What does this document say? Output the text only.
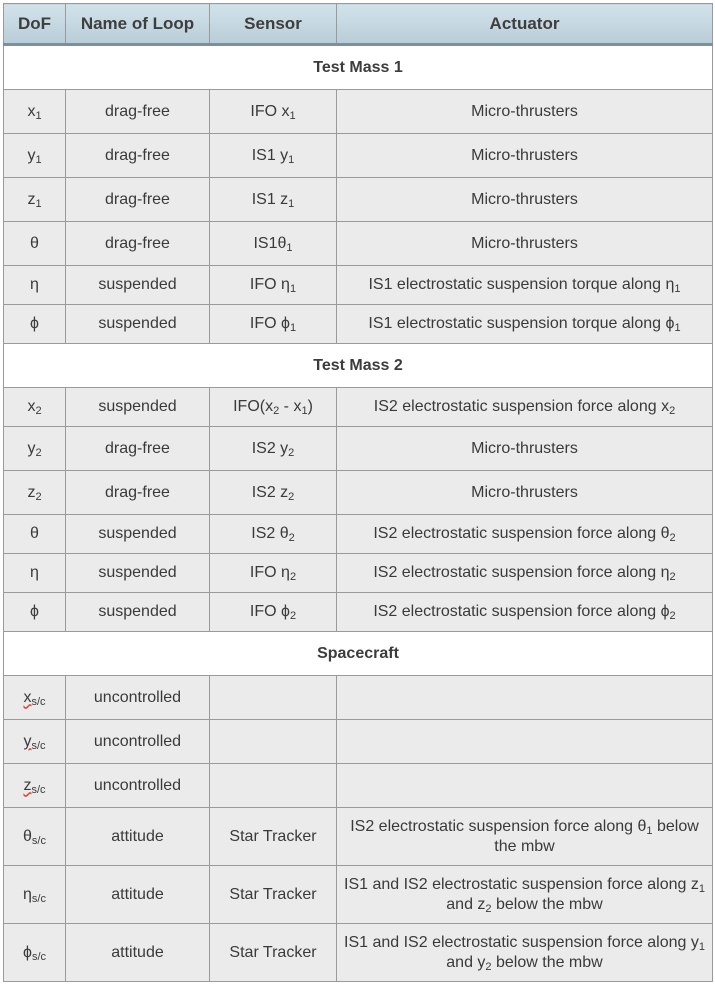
DoF	Name of Loop	Sensor	Actuator
Test Mass 1			
$x_1$	drag-free	IFO $x_1$	Micro-thrusters
$y_1$	drag-free	IS1 $y_1$	Micro-thrusters
$z_1$	drag-free	IS1 $z_1$	Micro-thrusters
θ	drag-free	$IS1\theta_1$	Micro-thrusters
η	suspended	IFO $\eta_1$	IS1 electrostatic suspension torque along $\eta_1$
ϕ	suspended	IFO $\phi_1$	IS1 electrostatic suspension torque along $\phi_1$
Test Mass 2			
$x_2$	suspended	$IFO(x_2 - x_1)$	IS2 electrostatic suspension force along $x_2$
$y_2$	drag-free	IS2 $y_2$	Micro-thrusters
$z_2$	drag-free	IS2 $z_2$	Micro-thrusters
θ	suspended	IS2 $\theta_2$	IS2 electrostatic suspension force along $\theta_2$
η	suspended	IFO $\eta_2$	IS2 electrostatic suspension force along $\eta_2$
ϕ	suspended	IFO $\phi_2$	IS2 electrostatic suspension force along $\phi_2$
Spacecraft			
$x_{s/c}$	uncontrolled		
$y_{s/c}$	uncontrolled		
$z_{s/c}$	uncontrolled		
$\theta_{s/c}$	attitude	Star Tracker	IS2 electrostatic suspension force along $\theta_1$ below the mbw
$\eta_{s/c}$	attitude	Star Tracker	IS1 and IS2 electrostatic suspension force along $z_1$ and $z_2$ below the mbw
$\phi_{s/c}$	attitude	Star Tracker	IS1 and IS2 electrostatic suspension force along $y_1$ and $y_2$ below the mbw
